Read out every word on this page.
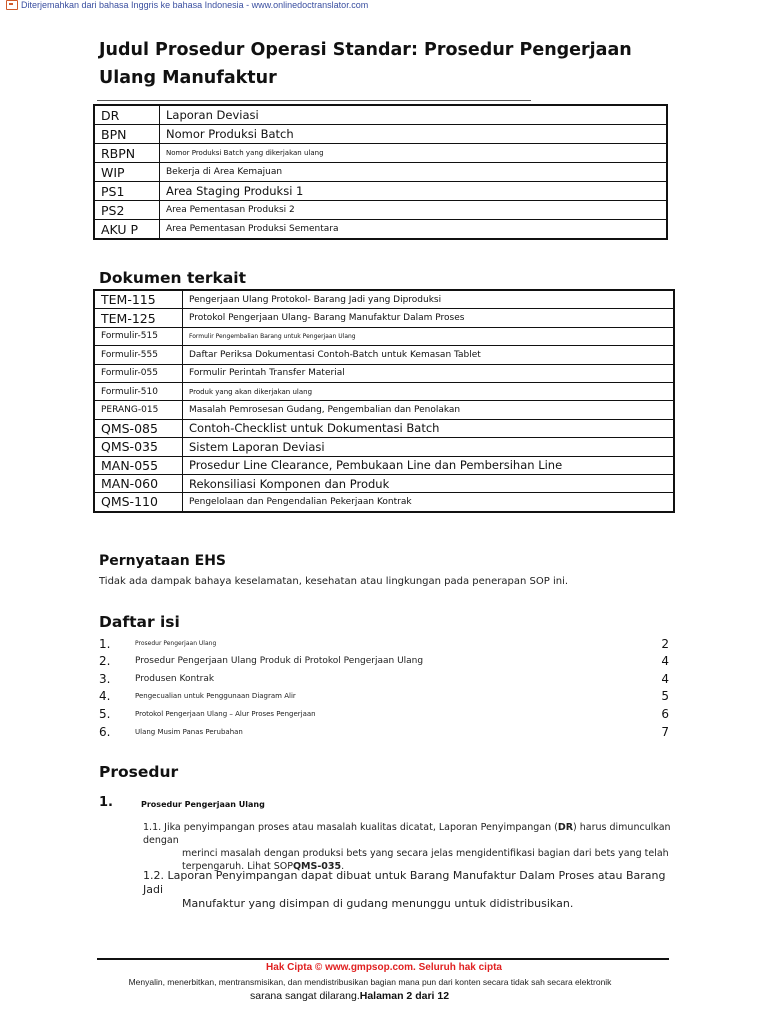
Diterjemahkan dari bahasa Inggris ke bahasa Indonesia - www.onlinedoctranslator.com
Judul Prosedur Operasi Standar: Prosedur Pengerjaan Ulang Manufaktur
DR	Laporan Deviasi
BPN	Nomor Produksi Batch
RBPN	Nomor Produksi Batch yang dikerjakan ulang
WIP	Bekerja di Area Kemajuan
PS1	Area Staging Produksi 1
PS2	Area Pementasan Produksi 2
AKU P	Area Pementasan Produksi Sementara
Dokumen terkait
TEM-115	Pengerjaan Ulang Protokol- Barang Jadi yang Diproduksi
TEM-125	Protokol Pengerjaan Ulang- Barang Manufaktur Dalam Proses
Formulir-515	Formulir Pengembalian Barang untuk Pengerjaan Ulang
Formulir-555	Daftar Periksa Dokumentasi Contoh-Batch untuk Kemasan Tablet
Formulir-055	Formulir Perintah Transfer Material
Formulir-510	Produk yang akan dikerjakan ulang
PERANG-015	Masalah Pemrosesan Gudang, Pengembalian dan Penolakan
QMS-085	Contoh-Checklist untuk Dokumentasi Batch
QMS-035	Sistem Laporan Deviasi
MAN-055	Prosedur Line Clearance, Pembukaan Line dan Pembersihan Line
MAN-060	Rekonsiliasi Komponen dan Produk
QMS-110	Pengelolaan dan Pengendalian Pekerjaan Kontrak
Pernyataan EHS
Tidak ada dampak bahaya keselamatan, kesehatan atau lingkungan pada penerapan SOP ini.
Daftar isi
1.	Prosedur Pengerjaan Ulang	2
2.	Prosedur Pengerjaan Ulang Produk di Protokol Pengerjaan Ulang	4
3.	Produsen Kontrak	4
4.	Pengecualian untuk Penggunaan Diagram Alir	5
5.	Protokol Pengerjaan Ulang – Alur Proses Pengerjaan	6
6.	Ulang Musim Panas Perubahan	7
Prosedur
1.	Prosedur Pengerjaan Ulang
1.1. Jika penyimpangan proses atau masalah kualitas dicatat, Laporan Penyimpangan (DR) harus dimunculkan dengan
merinci masalah dengan produksi bets yang secara jelas mengidentifikasi bagian dari bets yang telah
terpengaruh. Lihat SOPQMS-035.
1.2. Laporan Penyimpangan dapat dibuat untuk Barang Manufaktur Dalam Proses atau Barang Jadi
Manufaktur yang disimpan di gudang menunggu untuk didistribusikan.
Hak Cipta © www.gmpsop.com. Seluruh hak cipta
Menyalin, menerbitkan, mentransmisikan, dan mendistribusikan bagian mana pun dari konten secara tidak sah secara elektronik
sarana sangat dilarang.Halaman 2 dari 12
